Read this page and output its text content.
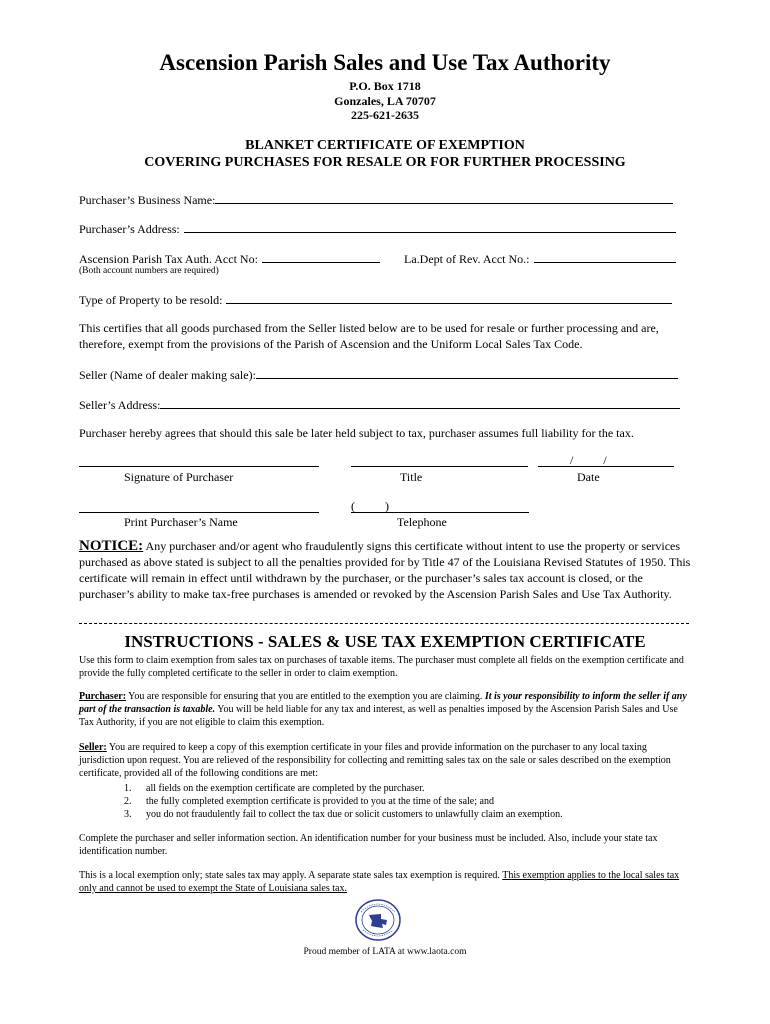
Ascension Parish Sales and Use Tax Authority
P.O. Box 1718
Gonzales, LA 70707
225-621-2635
BLANKET CERTIFICATE OF EXEMPTION
COVERING PURCHASES FOR RESALE OR FOR FURTHER PROCESSING
Purchaser’s Business Name:
Purchaser’s Address:
Ascension Parish Tax Auth. Acct No:	La.Dept of Rev. Acct No.:
(Both account numbers are required)
Type of Property to be resold:
This certifies that all goods purchased from the Seller listed below are to be used for resale or further processing and are, therefore, exempt from the provisions of the Parish of Ascension and the Uniform Local Sales Tax Code.
Seller (Name of dealer making sale):
Seller’s Address:
Purchaser hereby agrees that should this sale be later held subject to tax, purchaser assumes full liability for the tax.
/          /
Signature of Purchaser	Title	Date
(          )
Print Purchaser’s Name	Telephone
NOTICE: Any purchaser and/or agent who fraudulently signs this certificate without intent to use the property or services purchased as above stated is subject to all the penalties provided for by Title 47 of the Louisiana Revised Statutes of 1950. This certificate will remain in effect until withdrawn by the purchaser, or the purchaser’s sales tax account is closed, or the purchaser’s ability to make tax-free purchases is amended or revoked by the Ascension Parish Sales and Use Tax Authority.
INSTRUCTIONS - SALES & USE TAX EXEMPTION CERTIFICATE
Use this form to claim exemption from sales tax on purchases of taxable items. The purchaser must complete all fields on the exemption certificate and provide the fully completed certificate to the seller in order to claim exemption.
Purchaser: You are responsible for ensuring that you are entitled to the exemption you are claiming. It is your responsibility to inform the seller if any part of the transaction is taxable. You will be held liable for any tax and interest, as well as penalties imposed by the Ascension Parish Sales and Use Tax Authority, if you are not eligible to claim this exemption.
Seller: You are required to keep a copy of this exemption certificate in your files and provide information on the purchaser to any local taxing jurisdiction upon request. You are relieved of the responsibility for collecting and remitting sales tax on the sale or sales described on the exemption certificate, provided all of the following conditions are met:
1. all fields on the exemption certificate are completed by the purchaser.
2. the fully completed exemption certificate is provided to you at the time of the sale; and
3. you do not fraudulently fail to collect the tax due or solicit customers to unlawfully claim an exemption.
Complete the purchaser and seller information section. An identification number for your business must be included. Also, include your state tax identification number.
This is a local exemption only; state sales tax may apply. A separate state sales tax exemption is required. This exemption applies to the local sales tax only and cannot be used to exempt the State of Louisiana sales tax.
Proud member of LATA at www.laota.com
